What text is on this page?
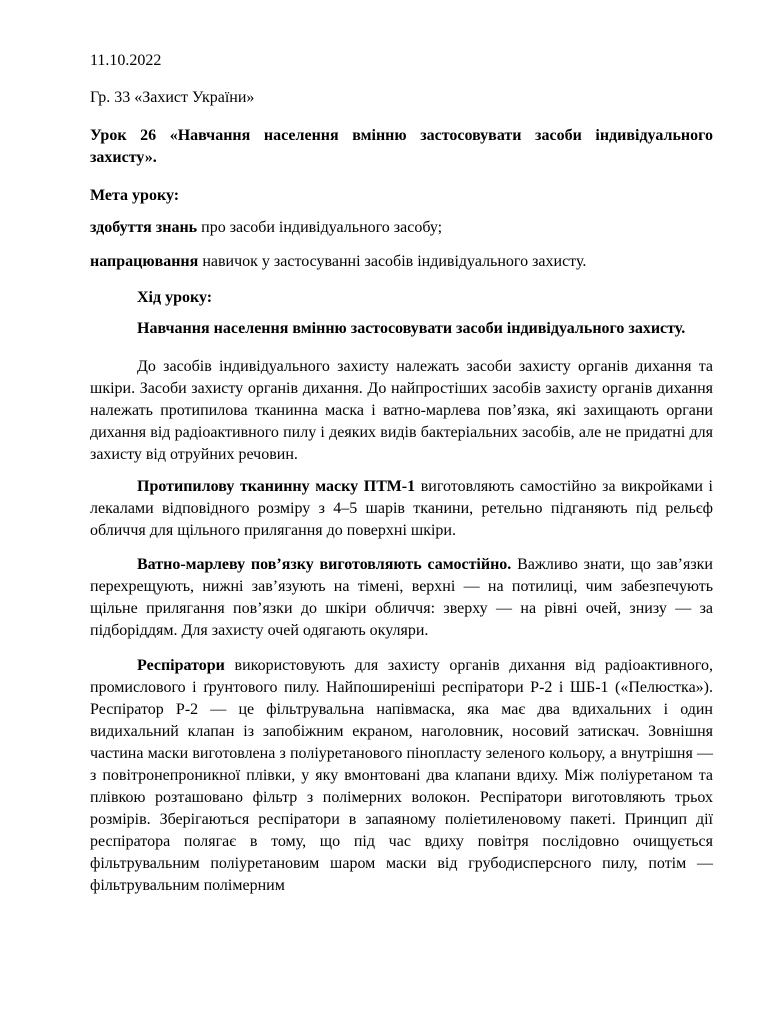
11.10.2022

Гр. 33 «Захист України»

Урок 26 «Навчання населення вмінню застосовувати засоби індивідуального захисту».

Мета уроку:

здобуття знань про засоби індивідуального засобу;

напрацювання навичок у застосуванні засобів індивідуального захисту.

Хід уроку:

Навчання населення вмінню застосовувати засоби індивідуального захисту.

До засобів індивідуального захисту належать засоби захисту органів дихання та шкіри. Засоби захисту органів дихання. До найпростіших засобів захисту органів дихання належать протипилова тканинна маска і ватно-марлева пов’язка, які захищають органи дихання від радіоактивного пилу і деяких видів бактеріальних засобів, але не придатні для захисту від отруйних речовин.

Протипилову тканинну маску ПТМ-1 виготовляють самостійно за викройками і лекалами відповідного розміру з 4–5 шарів тканини, ретельно підганяють під рельєф обличчя для щільного прилягання до поверхні шкіри.

Ватно-марлеву пов’язку виготовляють самостійно. Важливо знати, що зав’язки перехрещують, нижні зав’язують на тімені, верхні — на потилиці, чим забезпечують щільне прилягання пов’язки до шкіри обличчя: зверху — на рівні очей, знизу — за підборіддям. Для захисту очей одягають окуляри.

Респіратори використовують для захисту органів дихання від радіоактивного, промислового і ґрунтового пилу. Найпоширеніші респіратори Р-2 і ШБ-1 («Пелюстка»). Респіратор Р-2 — це фільтрувальна напівмаска, яка має два вдихальних і один видихальний клапан із запобіжним екраном, наголовник, носовий затискач. Зовнішня частина маски виготовлена з поліуретанового пінопласту зеленого кольору, а внутрішня — з повітронепроникної плівки, у яку вмонтовані два клапани вдиху. Між поліуретаном та плівкою розташовано фільтр з полімерних волокон. Респіратори виготовляють трьох розмірів. Зберігаються респіратори в запаяному поліетиленовому пакеті. Принцип дії респіратора полягає в тому, що під час вдиху повітря послідовно очищується фільтрувальним поліуретановим шаром маски від грубодисперсного пилу, потім — фільтрувальним полімерним
